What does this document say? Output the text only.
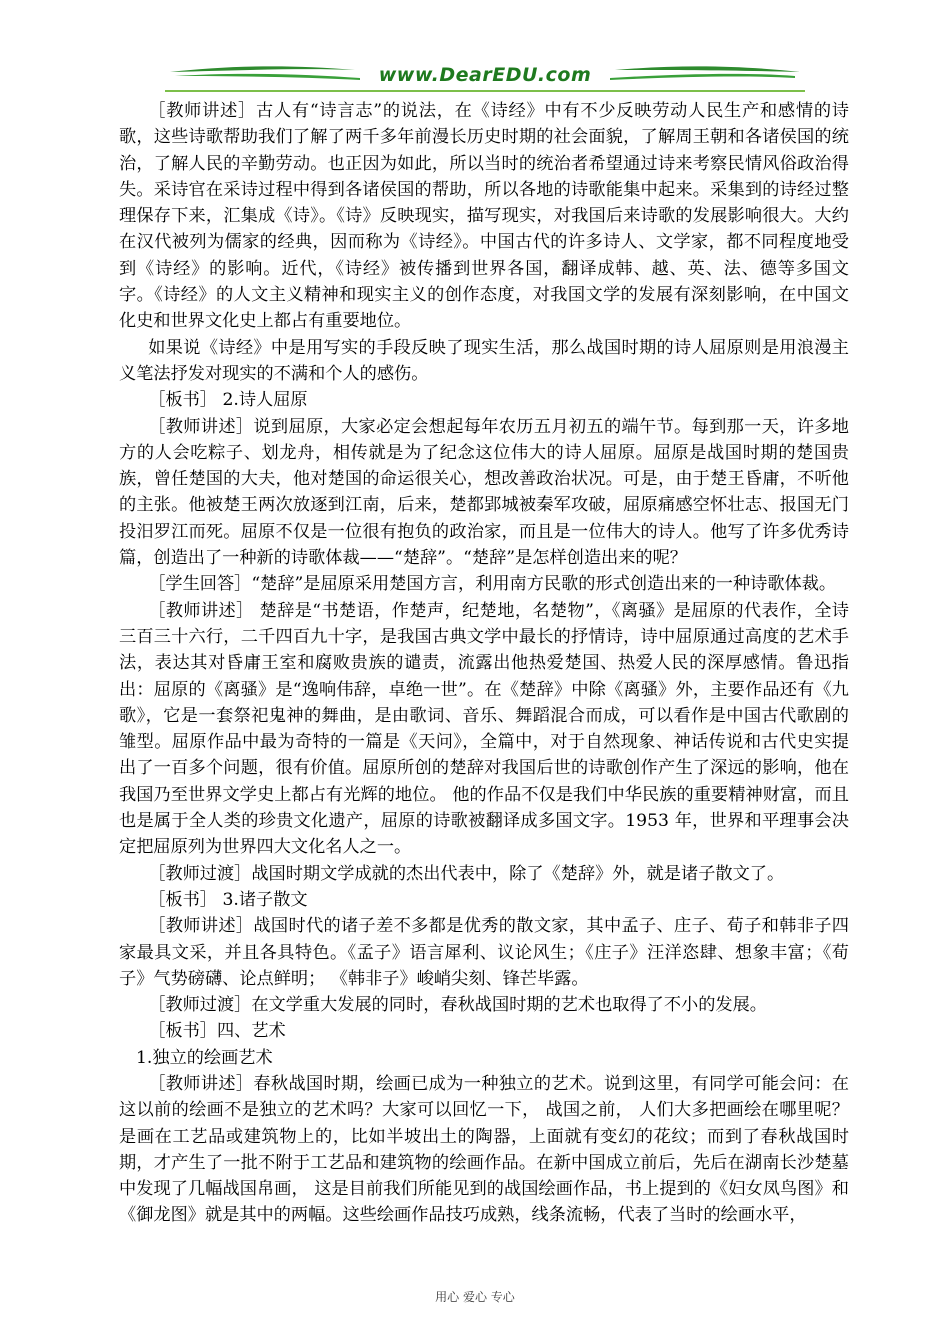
www.DearEDU.com

［教师讲述］古人有“诗言志”的说法，在《诗经》中有不少反映劳动人民生产和感情的诗歌，这些诗歌帮助我们了解了两千多年前漫长历史时期的社会面貌，了解周王朝和各诸侯国的统治，了解人民的辛勤劳动。也正因为如此，所以当时的统治者希望通过诗来考察民情风俗政治得失。采诗官在采诗过程中得到各诸侯国的帮助，所以各地的诗歌能集中起来。采集到的诗经过整理保存下来，汇集成《诗》。《诗》反映现实，描写现实，对我国后来诗歌的发展影响很大。大约在汉代被列为儒家的经典，因而称为《诗经》。中国古代的许多诗人、文学家，都不同程度地受到《诗经》的影响。近代，《诗经》被传播到世界各国，翻译成韩、越、英、法、德等多国文字。《诗经》的人文主义精神和现实主义的创作态度，对我国文学的发展有深刻影响，在中国文化史和世界文化史上都占有重要地位。

如果说《诗经》中是用写实的手段反映了现实生活，那么战国时期的诗人屈原则是用浪漫主义笔法抒发对现实的不满和个人的感伤。

［板书］ 2.诗人屈原

［教师讲述］说到屈原，大家必定会想起每年农历五月初五的端午节。每到那一天，许多地方的人会吃粽子、划龙舟，相传就是为了纪念这位伟大的诗人屈原。屈原是战国时期的楚国贵族，曾任楚国的大夫，他对楚国的命运很关心，想改善政治状况。可是，由于楚王昏庸，不听他的主张。他被楚王两次放逐到江南，后来，楚都郢城被秦军攻破，屈原痛感空怀壮志、报国无门投汨罗江而死。屈原不仅是一位很有抱负的政治家，而且是一位伟大的诗人。他写了许多优秀诗篇，创造出了一种新的诗歌体裁——“楚辞”。“楚辞”是怎样创造出来的呢？

［学生回答］“楚辞”是屈原采用楚国方言，利用南方民歌的形式创造出来的一种诗歌体裁。

［教师讲述］ 楚辞是“书楚语，作楚声，纪楚地，名楚物”，《离骚》是屈原的代表作，全诗三百三十六行，二千四百九十字，是我国古典文学中最长的抒情诗，诗中屈原通过高度的艺术手法，表达其对昏庸王室和腐败贵族的谴责，流露出他热爱楚国、热爱人民的深厚感情。鲁迅指出：屈原的《离骚》是“逸响伟辞，卓绝一世”。在《楚辞》中除《离骚》外，主要作品还有《九歌》，它是一套祭祀鬼神的舞曲，是由歌词、音乐、舞蹈混合而成，可以看作是中国古代歌剧的雏型。屈原作品中最为奇特的一篇是《天问》，全篇中，对于自然现象、神话传说和古代史实提出了一百多个问题，很有价值。屈原所创的楚辞对我国后世的诗歌创作产生了深远的影响，他在我国乃至世界文学史上都占有光辉的地位。 他的作品不仅是我们中华民族的重要精神财富，而且也是属于全人类的珍贵文化遗产，屈原的诗歌被翻译成多国文字。1953 年，世界和平理事会决定把屈原列为世界四大文化名人之一。

［教师过渡］战国时期文学成就的杰出代表中，除了《楚辞》外，就是诸子散文了。

［板书］ 3.诸子散文

［教师讲述］战国时代的诸子差不多都是优秀的散文家，其中孟子、庄子、荀子和韩非子四家最具文采，并且各具特色。《孟子》语言犀利、议论风生；《庄子》汪洋恣肆、想象丰富；《荀子》气势磅礴、论点鲜明； 《韩非子》峻峭尖刻、锋芒毕露。

［教师过渡］在文学重大发展的同时，春秋战国时期的艺术也取得了不小的发展。

［板书］四、艺术

1.独立的绘画艺术

［教师讲述］春秋战国时期，绘画已成为一种独立的艺术。说到这里，有同学可能会问：在这以前的绘画不是独立的艺术吗？大家可以回忆一下， 战国之前， 人们大多把画绘在哪里呢？是画在工艺品或建筑物上的，比如半坡出土的陶器，上面就有变幻的花纹；而到了春秋战国时期，才产生了一批不附于工艺品和建筑物的绘画作品。在新中国成立前后，先后在湖南长沙楚墓中发现了几幅战国帛画， 这是目前我们所能见到的战国绘画作品，书上提到的《妇女凤鸟图》和《御龙图》就是其中的两幅。这些绘画作品技巧成熟，线条流畅，代表了当时的绘画水平，

用心 爱心 专心
